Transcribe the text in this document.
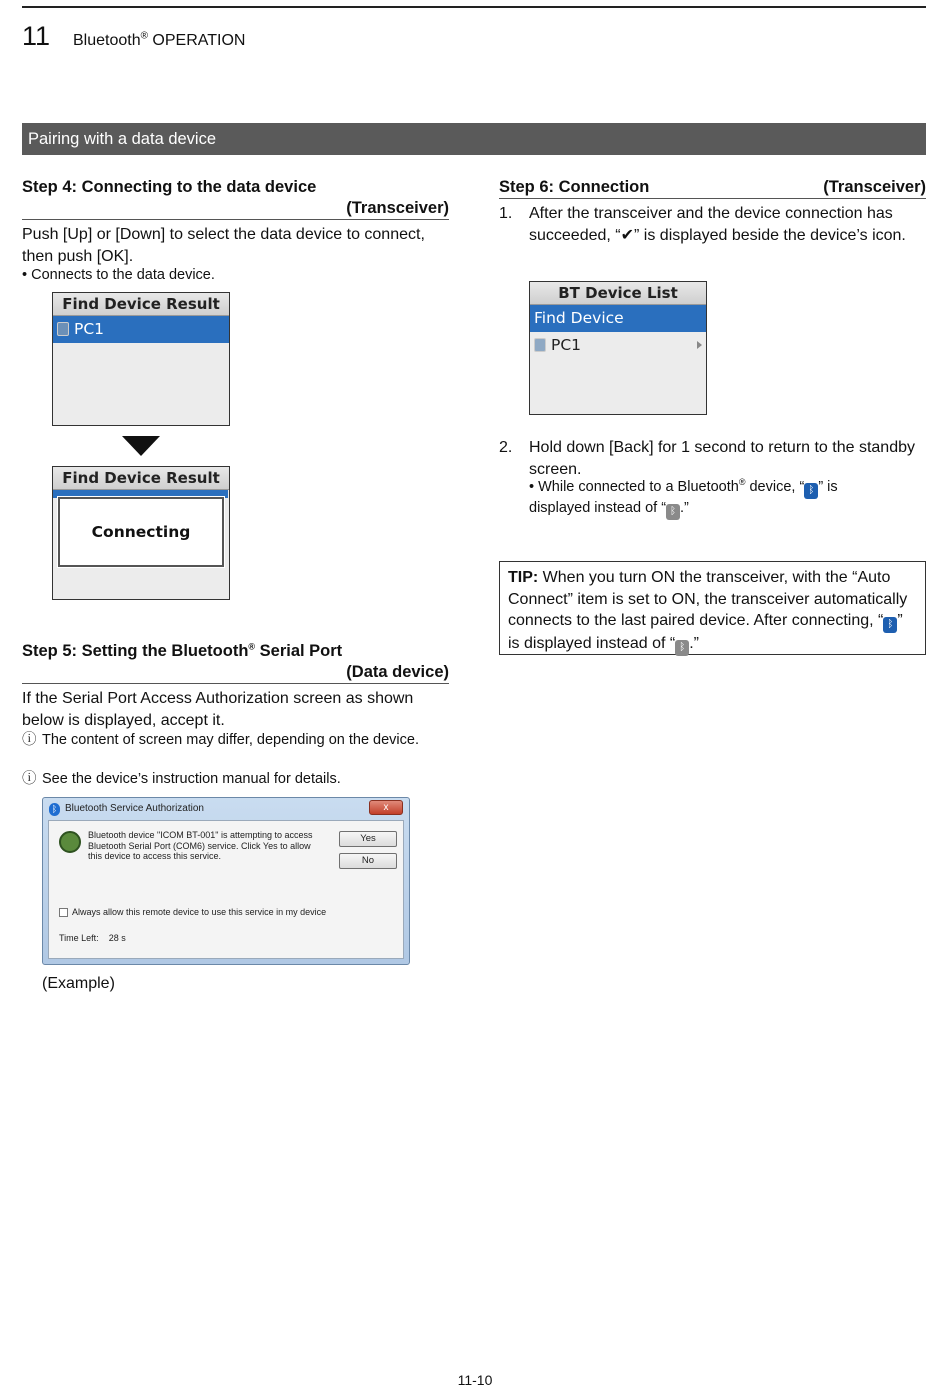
11 Bluetooth® OPERATION
Pairing with a data device
Step 4: Connecting to the data device
(Transceiver)
Push [Up] or [Down] to select the data device to connect, then push [OK].
• Connects to the data device.
Find Device Result
PC1
Find Device Result
Connecting
Step 5: Setting the Bluetooth® Serial Port
(Data device)
If the Serial Port Access Authorization screen as shown below is displayed, accept it.
ⓘ The content of screen may differ, depending on the device.
ⓘ See the device’s instruction manual for details.
ᛒ Bluetooth Service Authorization	x
Bluetooth device "ICOM BT-001" is attempting to access Bluetooth Serial Port (COM6) service. Click Yes to allow this device to access this service.
Yes
No
Always allow this remote device to use this service in my device
Time Left: 28 s
(Example)
Step 6: Connection	(Transceiver)
1.	After the transceiver and the device connection has succeeded, “✔” is displayed beside the device’s icon.
BT Device List
Find Device
PC1
2.	Hold down [Back] for 1 second to return to the standby screen.
• While connected to a Bluetooth® device, “ ᛒ ” is displayed instead of “ ᛒ .”
TIP: When you turn ON the transceiver, with the “Auto Connect” item is set to ON, the transceiver automatically connects to the last paired device. After connecting, “ ᛒ ” is displayed instead of “ ᛒ .”
11-10
